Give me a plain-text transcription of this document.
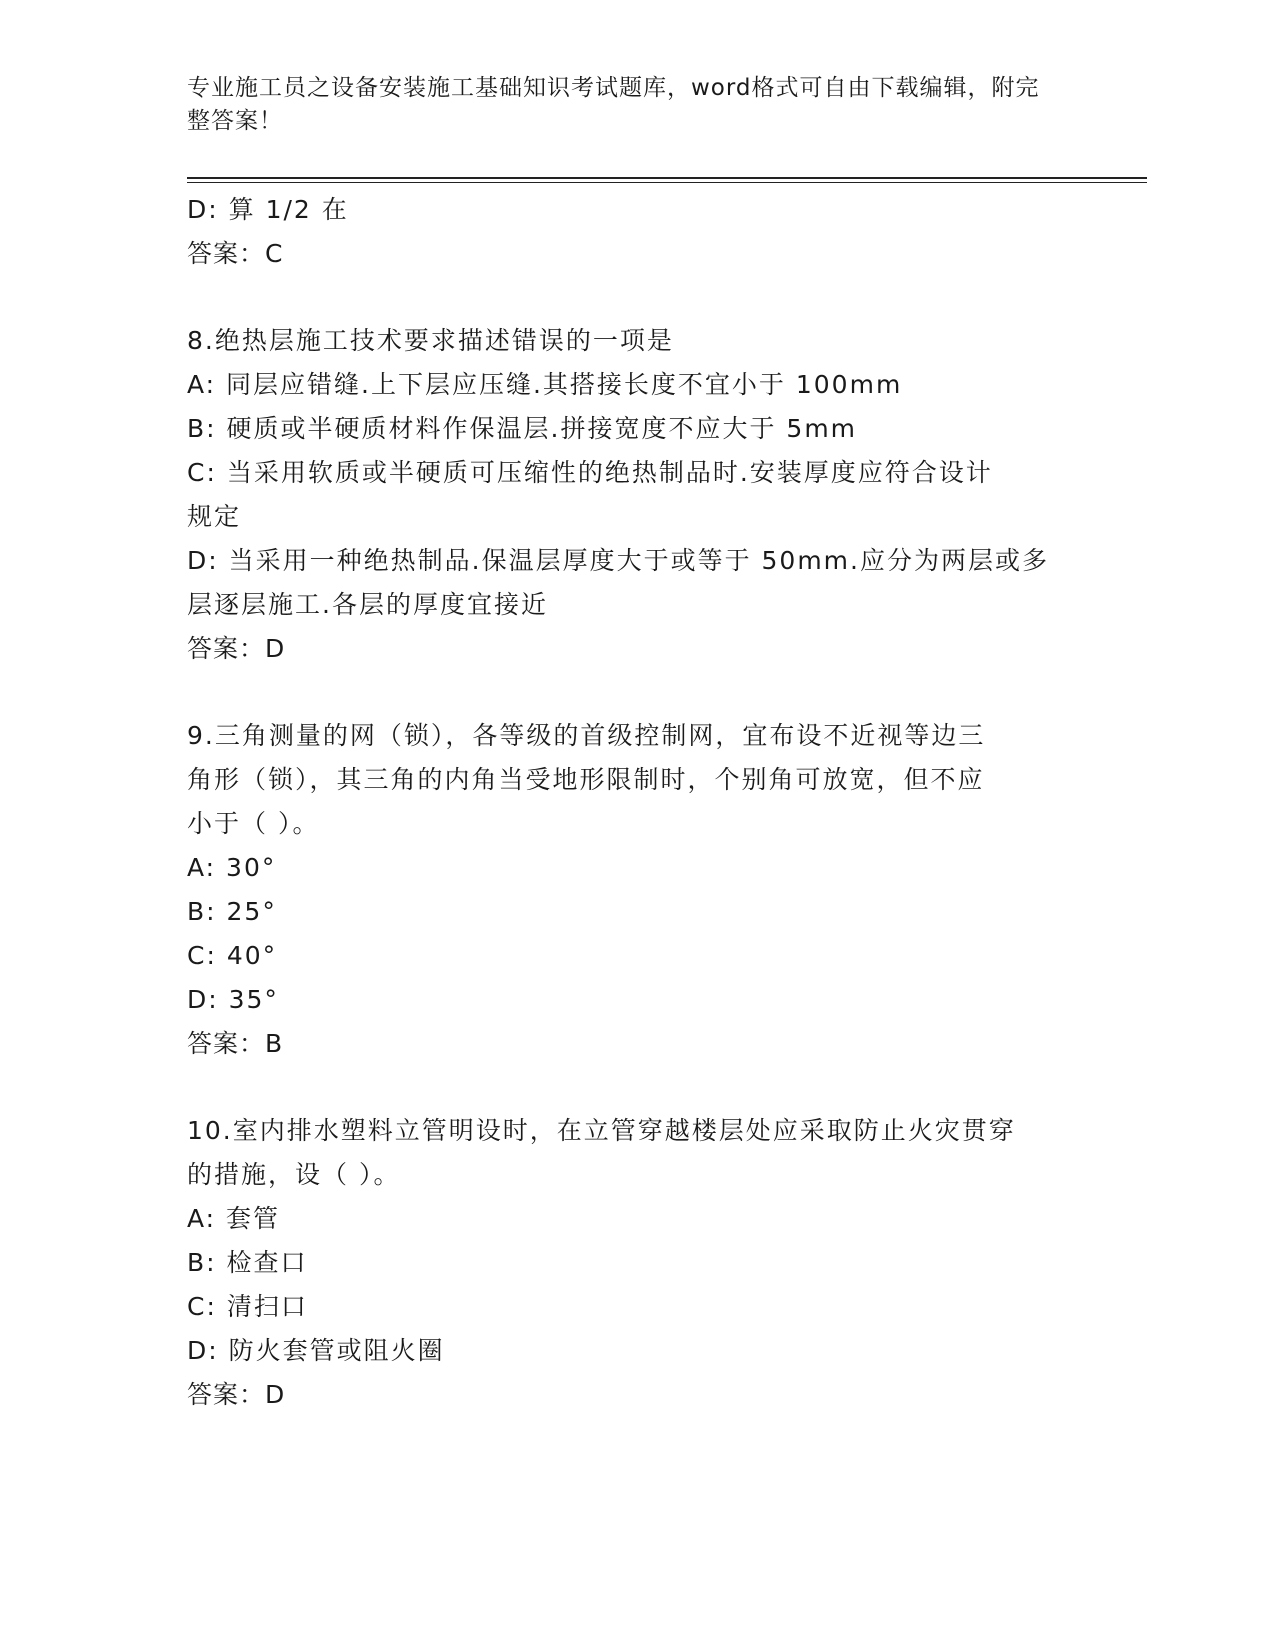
专业施工员之设备安装施工基础知识考试题库，word格式可自由下载编辑，附完
整答案！
D: 算 1/2 在
答案：C
8.绝热层施工技术要求描述错误的一项是
A: 同层应错缝.上下层应压缝.其搭接长度不宜小于 100mm
B: 硬质或半硬质材料作保温层.拼接宽度不应大于 5mm
C: 当采用软质或半硬质可压缩性的绝热制品时.安装厚度应符合设计
规定
D: 当采用一种绝热制品.保温层厚度大于或等于 50mm.应分为两层或多
层逐层施工.各层的厚度宜接近
答案：D
9.三角测量的网（锁），各等级的首级控制网，宜布设不近视等边三
角形（锁），其三角的内角当受地形限制时，个别角可放宽，但不应
小于（ ）。
A: 30°
B: 25°
C: 40°
D: 35°
答案：B
10.室内排水塑料立管明设时，在立管穿越楼层处应采取防止火灾贯穿
的措施，设（ ）。
A: 套管
B: 检查口
C: 清扫口
D: 防火套管或阻火圈
答案：D
